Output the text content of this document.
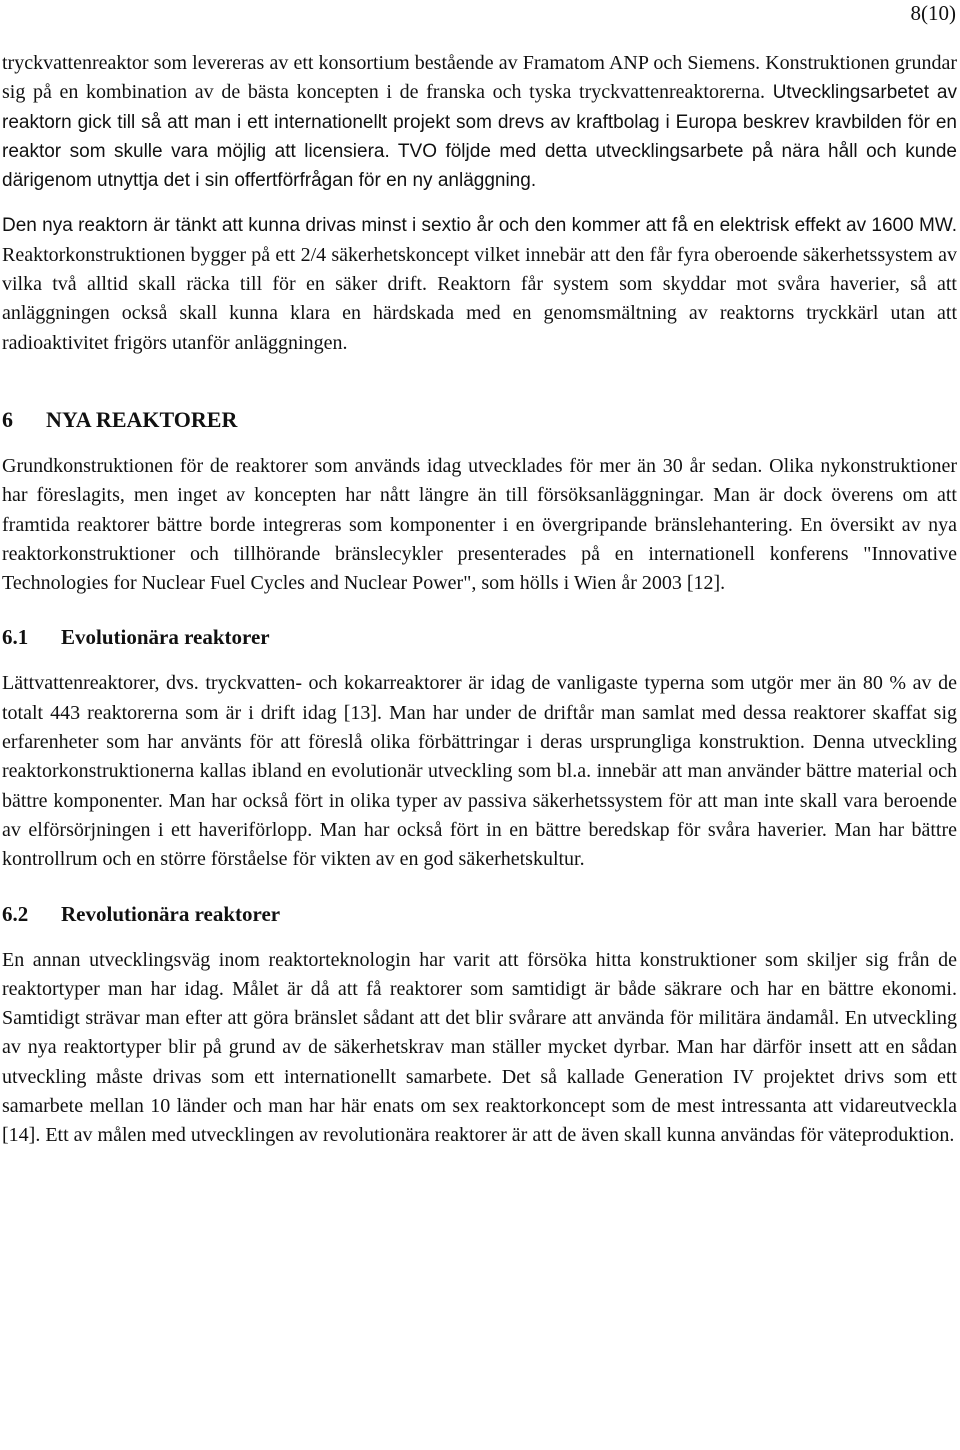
8(10)

tryckvattenreaktor som levereras av ett konsortium bestående av Framatom ANP och Siemens. Konstruktionen grundar sig på en kombination av de bästa koncepten i de franska och tyska tryckvattenreaktorerna. Utvecklingsarbetet av reaktorn gick till så att man i ett internationellt projekt som drevs av kraftbolag i Europa beskrev kravbilden för en reaktor som skulle vara möjlig att licensiera. TVO följde med detta utvecklingsarbete på nära håll och kunde därigenom utnyttja det i sin offertförfrågan för en ny anläggning.

Den nya reaktorn är tänkt att kunna drivas minst i sextio år och den kommer att få en elektrisk effekt av 1600 MW. Reaktorkonstruktionen bygger på ett 2/4 säkerhetskoncept vilket innebär att den får fyra oberoende säkerhetssystem av vilka två alltid skall räcka till för en säker drift. Reaktorn får system som skyddar mot svåra haverier, så att anläggningen också skall kunna klara en härdskada med en genomsmältning av reaktorns tryckkärl utan att radioaktivitet frigörs utanför anläggningen.

6 NYA REAKTORER

Grundkonstruktionen för de reaktorer som används idag utvecklades för mer än 30 år sedan. Olika nykonstruktioner har föreslagits, men inget av koncepten har nått längre än till försöksanläggningar. Man är dock överens om att framtida reaktorer bättre borde integreras som komponenter i en övergripande bränslehantering. En översikt av nya reaktorkonstruktioner och tillhörande bränslecykler presenterades på en internationell konferens "Innovative Technologies for Nuclear Fuel Cycles and Nuclear Power", som hölls i Wien år 2003 [12].

6.1 Evolutionära reaktorer

Lättvattenreaktorer, dvs. tryckvatten- och kokarreaktorer är idag de vanligaste typerna som utgör mer än 80 % av de totalt 443 reaktorerna som är i drift idag [13]. Man har under de driftår man samlat med dessa reaktorer skaffat sig erfarenheter som har använts för att föreslå olika förbättringar i deras ursprungliga konstruktion. Denna utveckling reaktorkonstruktionerna kallas ibland en evolutionär utveckling som bl.a. innebär att man använder bättre material och bättre komponenter. Man har också fört in olika typer av passiva säkerhetssystem för att man inte skall vara beroende av elförsörjningen i ett haveriförlopp. Man har också fört in en bättre beredskap för svåra haverier. Man har bättre kontrollrum och en större förståelse för vikten av en god säkerhetskultur.

6.2 Revolutionära reaktorer

En annan utvecklingsväg inom reaktorteknologin har varit att försöka hitta konstruktioner som skiljer sig från de reaktortyper man har idag. Målet är då att få reaktorer som samtidigt är både säkrare och har en bättre ekonomi. Samtidigt strävar man efter att göra bränslet sådant att det blir svårare att använda för militära ändamål. En utveckling av nya reaktortyper blir på grund av de säkerhetskrav man ställer mycket dyrbar. Man har därför insett att en sådan utveckling måste drivas som ett internationellt samarbete. Det så kallade Generation IV projektet drivs som ett samarbete mellan 10 länder och man har här enats om sex reaktorkoncept som de mest intressanta att vidareutveckla [14]. Ett av målen med utvecklingen av revolutionära reaktorer är att de även skall kunna användas för väteproduktion.
